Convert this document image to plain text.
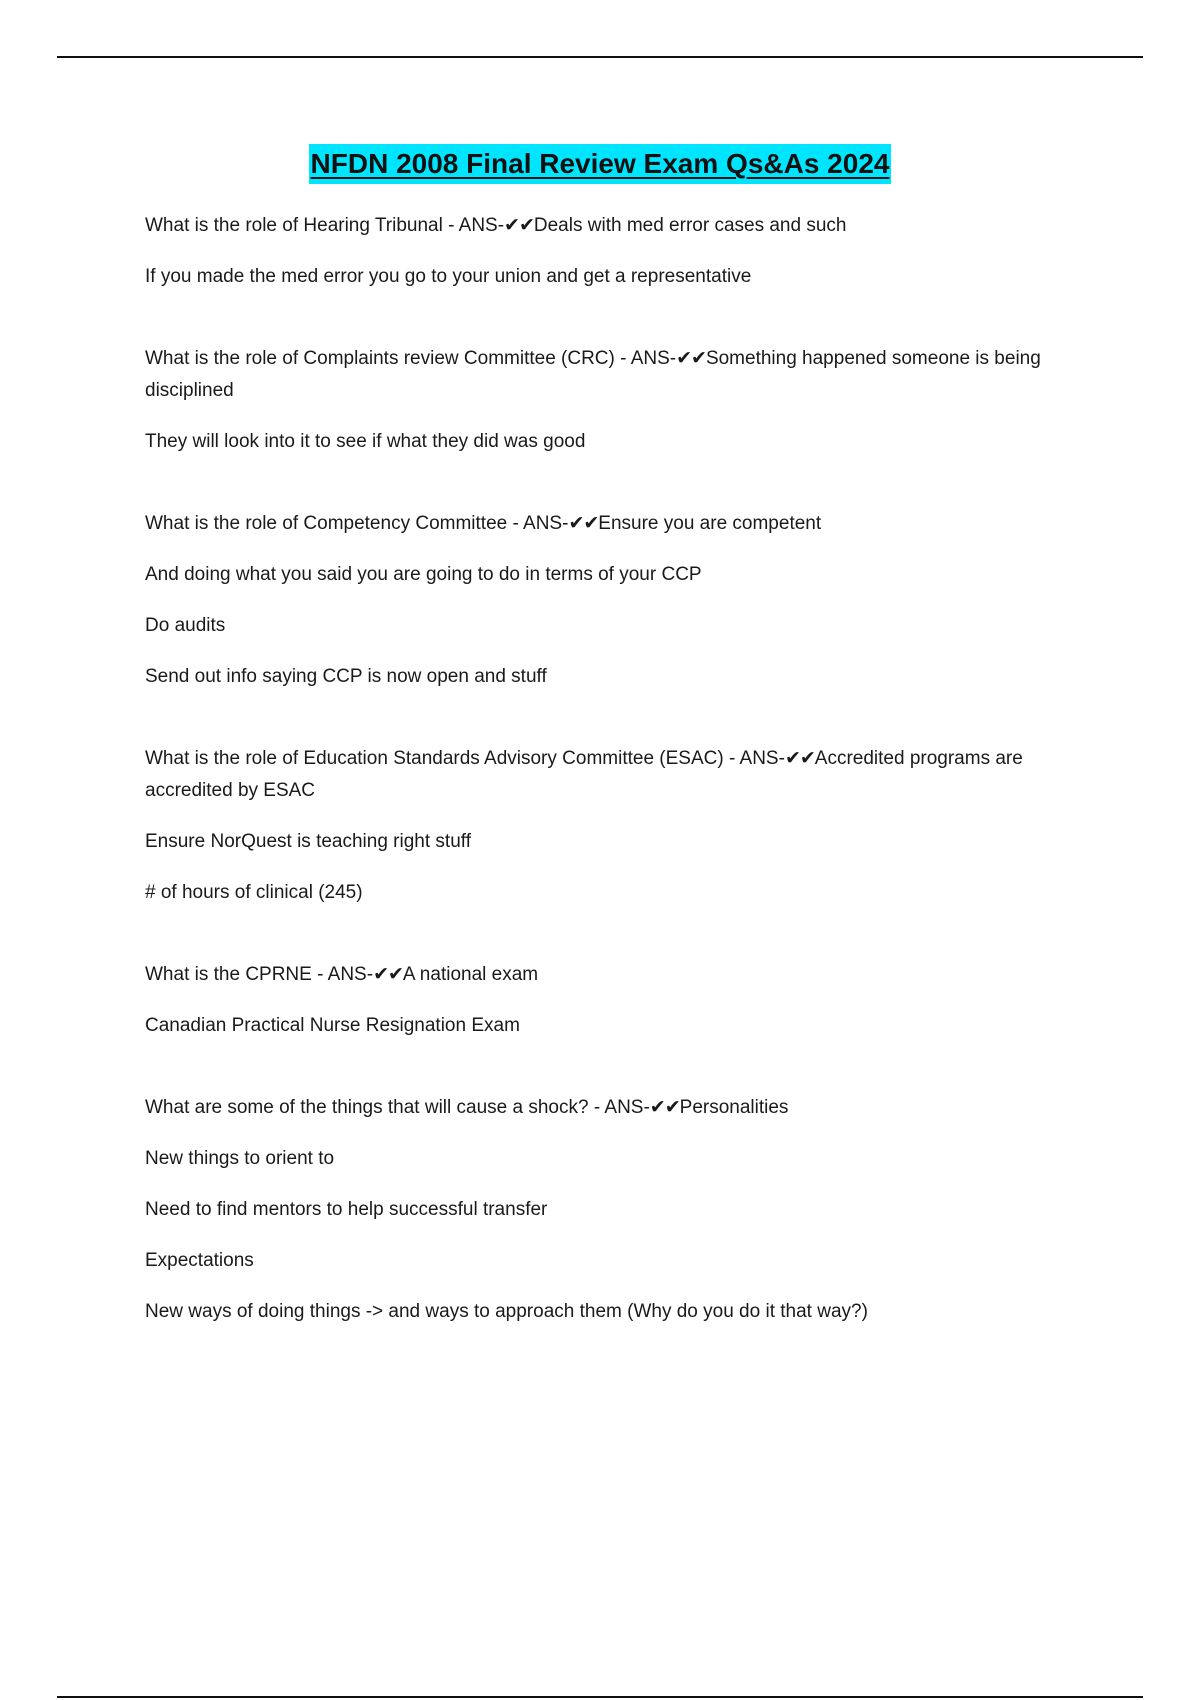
NFDN 2008 Final Review Exam Qs&As 2024
What is the role of Hearing Tribunal - ANS-✔✔Deals with med error cases and such
If you made the med error you go to your union and get a representative
What is the role of Complaints review Committee (CRC) - ANS-✔✔Something happened someone is being disciplined
They will look into it to see if what they did was good
What is the role of Competency Committee - ANS-✔✔Ensure you are competent
And doing what you said you are going to do in terms of your CCP
Do audits
Send out info saying CCP is now open and stuff
What is the role of Education Standards Advisory Committee (ESAC) - ANS-✔✔Accredited programs are accredited by ESAC
Ensure NorQuest is teaching right stuff
# of hours of clinical (245)
What is the CPRNE - ANS-✔✔A national exam
Canadian Practical Nurse Resignation Exam
What are some of the things that will cause a shock? - ANS-✔✔Personalities
New things to orient to
Need to find mentors to help successful transfer
Expectations
New ways of doing things -> and ways to approach them (Why do you do it that way?)
